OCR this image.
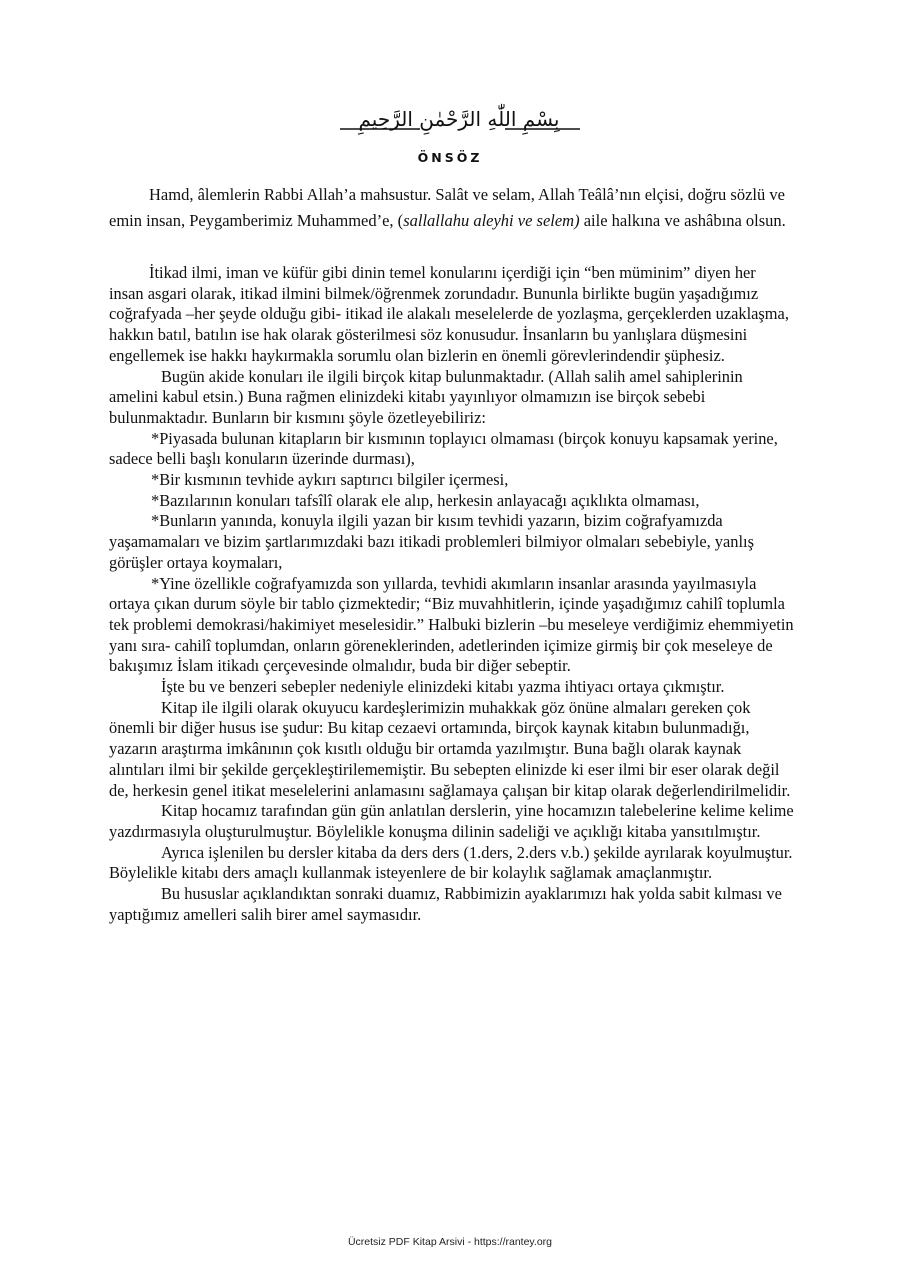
بِسْمِ اللّٰهِ الرَّحْمٰنِ الرَّحِيمِ
ÖNSÖZ

Hamd, âlemlerin Rabbi Allah’a mahsustur. Salât ve selam, Allah Teâlâ’nın elçisi, doğru sözlü ve emin insan, Peygamberimiz Muhammed’e, (sallallahu aleyhi ve selem) aile halkına ve ashâbına olsun.

İtikad ilmi, iman ve küfür gibi dinin temel konularını içerdiği için “ben müminim” diyen her insan asgari olarak, itikad ilmini bilmek/öğrenmek zorundadır. Bununla birlikte bugün yaşadığımız coğrafyada –her şeyde olduğu gibi- itikad ile alakalı meselelerde de yozlaşma, gerçeklerden uzaklaşma, hakkın batıl, batılın ise hak olarak gösterilmesi söz konusudur. İnsanların bu yanlışlara düşmesini engellemek ise hakkı haykırmakla sorumlu olan bizlerin en önemli görevlerindendir şüphesiz.

Bugün akide konuları ile ilgili birçok kitap bulunmaktadır. (Allah salih amel sahiplerinin amelini kabul etsin.) Buna rağmen elinizdeki kitabı yayınlıyor olmamızın ise birçok sebebi bulunmaktadır. Bunların bir kısmını şöyle özetleyebiliriz:

*Piyasada bulunan kitapların bir kısmının toplayıcı olmaması (birçok konuyu kapsamak yerine, sadece belli başlı konuların üzerinde durması),

*Bir kısmının tevhide aykırı saptırıcı bilgiler içermesi,

*Bazılarının konuları tafsîlî olarak ele alıp, herkesin anlayacağı açıklıkta olmaması,

*Bunların yanında, konuyla ilgili yazan bir kısım tevhidi yazarın, bizim coğrafyamızda yaşamamaları ve bizim şartlarımızdaki bazı itikadi problemleri bilmiyor olmaları sebebiyle, yanlış görüşler ortaya koymaları,

*Yine özellikle coğrafyamızda son yıllarda, tevhidi akımların insanlar arasında yayılmasıyla ortaya çıkan durum söyle bir tablo çizmektedir; “Biz muvahhitlerin, içinde yaşadığımız cahilî toplumla tek problemi demokrasi/hakimiyet meselesidir.” Halbuki bizlerin –bu meseleye verdiğimiz ehemmiyetin yanı sıra- cahilî toplumdan, onların göreneklerinden, adetlerinden içimize girmiş bir çok meseleye de bakışımız İslam itikadı çerçevesinde olmalıdır, buda bir diğer sebeptir.

İşte bu ve benzeri sebepler nedeniyle elinizdeki kitabı yazma ihtiyacı ortaya çıkmıştır.

Kitap ile ilgili olarak okuyucu kardeşlerimizin muhakkak göz önüne almaları gereken çok önemli bir diğer husus ise şudur: Bu kitap cezaevi ortamında, birçok kaynak kitabın bulunmadığı, yazarın araştırma imkânının çok kısıtlı olduğu bir ortamda yazılmıştır. Buna bağlı olarak kaynak alıntıları ilmi bir şekilde gerçekleştirilememiştir. Bu sebepten elinizde ki eser ilmi bir eser olarak değil de, herkesin genel itikat meselelerini anlamasını sağlamaya çalışan bir kitap olarak değerlendirilmelidir.

Kitap hocamız tarafından gün gün anlatılan derslerin, yine hocamızın talebelerine kelime kelime yazdırmasıyla oluşturulmuştur. Böylelikle konuşma dilinin sadeliği ve açıklığı kitaba yansıtılmıştır.

Ayrıca işlenilen bu dersler kitaba da ders ders (1.ders, 2.ders v.b.) şekilde ayrılarak koyulmuştur. Böylelikle kitabı ders amaçlı kullanmak isteyenlere de bir kolaylık sağlamak amaçlanmıştır.

Bu hususlar açıklandıktan sonraki duamız, Rabbimizin ayaklarımızı hak yolda sabit kılması ve yaptığımız amelleri salih birer amel saymasıdır.

Ücretsiz PDF Kitap Arsivi - https://rantey.org
